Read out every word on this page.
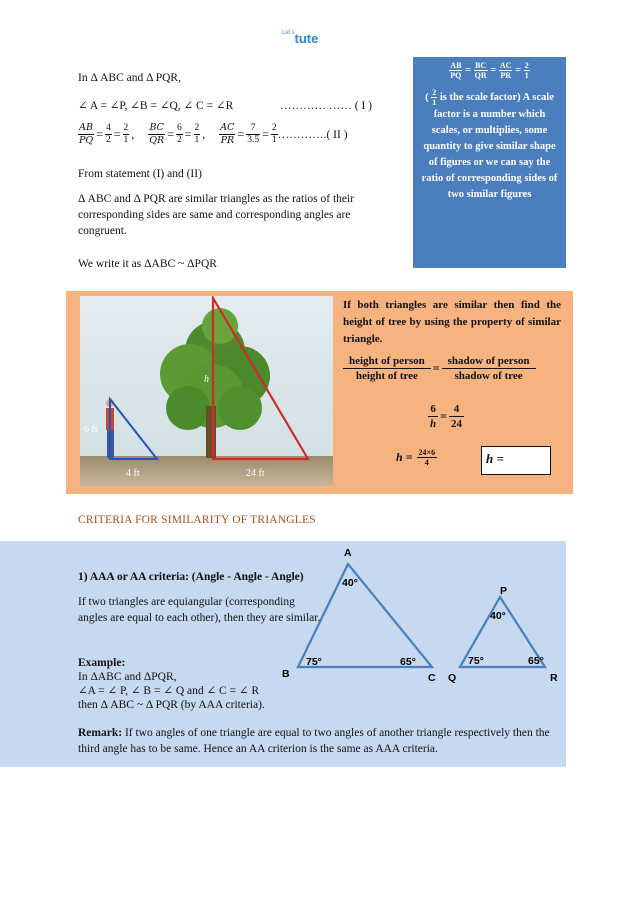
$^{Let's}$tute
In Δ ABC and Δ PQR,
∠ A = ∠P, ∠B = ∠Q, ∠ C = ∠R	………… …… ( I )
$\frac{AB}{PQ} = \frac{4}{2} = \frac{2}{1}$ , $\frac{BC}{QR} = \frac{6}{2} = \frac{2}{1}$ , $\frac{AC}{PR} = \frac{7}{3.5} = \frac{2}{1}$ ………….( II )
From statement (I) and (II)
Δ ABC and Δ PQR are similar triangles as the ratios of their corresponding sides are same and corresponding angles are congruent.
We write it as ΔABC ~ ΔPQR
$\frac{AB}{PQ} = \frac{BC}{QR} = \frac{AC}{PR} = \frac{2}{1}$
( $\frac{2}{1}$ is the scale factor) A scale factor is a number which scales, or multiplies, some quantity to give similar shape of figures or we can say the ratio of corresponding sides of two similar figures
6 ft
4 ft	24 ft
h
If both triangles are similar then find the height of tree by using the property of similar triangle.
$\frac{\text{height of person}}{\text{height of tree}} = \frac{\text{shadow of person}}{\text{shadow of tree}}$
$\frac{6}{h} = \frac{4}{24}$
$h = \frac{24\times 6}{4}$	h =
CRITERIA FOR SIMILARITY OF TRIANGLES
1) AAA or AA criteria: (Angle - Angle - Angle)
If two triangles are equiangular (corresponding angles are equal to each other), then they are similar.
Example:
In ΔABC and ΔPQR,
∠A = ∠ P, ∠ B = ∠ Q and ∠ C = ∠ R
then Δ ABC ~ Δ PQR (by AAA criteria).
Remark: If two angles of one triangle are equal to two angles of another triangle respectively then the third angle has to be same. Hence an AA criterion is the same as AAA criteria.
A
B	C
40°
75°	65°
P
Q	R
40°
75°	65°
